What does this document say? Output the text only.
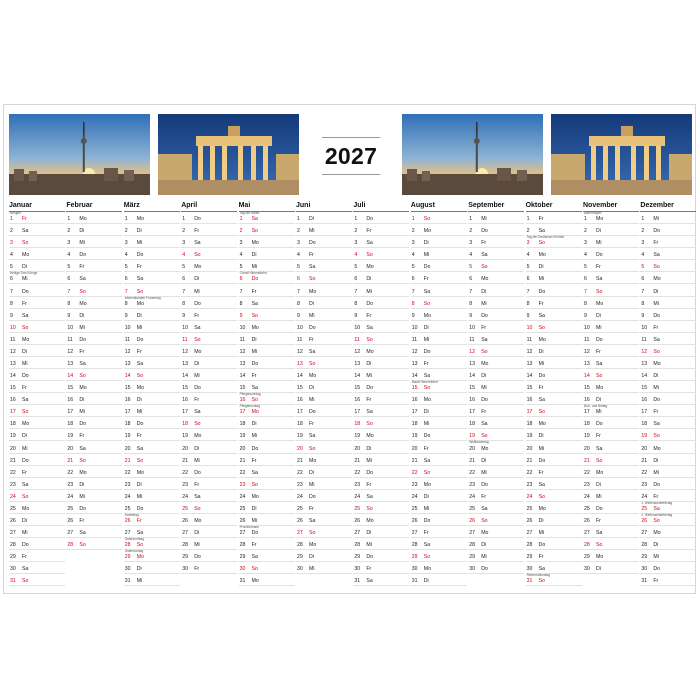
2027
Januar
Neujahr
1	Fr
2	Sa
3	So
4	Mo
5	Di
Heilige Drei Könige
6	Mi
7	Do
8	Fr
9	Sa
10	So
11	Mo
12	Di
13	Mi
14	Do
15	Fr
16	Sa
17	So
18	Mo
19	Di
20	Mi
21	Do
22	Fr
23	Sa
24	So
25	Mo
26	Di
27	Mi
28	Do
29	Fr
30	Sa
31	So
Februar
1	Mo
2	Di
3	Mi
4	Do
5	Fr
6	Sa
7	So
8	Mo
9	Di
10	Mi
11	Do
12	Fr
13	Sa
14	So
15	Mo
16	Di
17	Mi
18	Do
19	Fr
20	Sa
21	So
22	Mo
23	Di
24	Mi
25	Do
26	Fr
27	Sa
28	So
März
1	Mo
2	Di
3	Mi
4	Do
5	Fr
6	Sa
7	So
Internationaler Frauentag
8	Mo
9	Di
10	Mi
11	Do
12	Fr
13	Sa
14	So
15	Mo
16	Di
17	Mi
18	Do
19	Fr
20	Sa
21	So
22	Mo
23	Di
24	Mi
25	Do
Karfreitag
26	Fr
27	Sa
Ostersonntag
28	So
Ostermontag
29	Mo
30	Di
31	Mi
April
1	Do
2	Fr
3	Sa
4	So
5	Mo
6	Di
7	Mi
8	Do
9	Fr
10	Sa
11	So
12	Mo
13	Di
14	Mi
15	Do
16	Fr
17	Sa
18	So
19	Mo
20	Di
21	Mi
22	Do
23	Fr
24	Sa
25	So
26	Mo
27	Di
28	Mi
29	Do
30	Fr
Mai
Tag der Arbeit
1	Sa
2	So
3	Mo
4	Di
5	Mi
Christi Himmelfahrt
6	Do
7	Fr
8	Sa
9	So
10	Mo
11	Di
12	Mi
13	Do
14	Fr
15	Sa
Pfingstsonntag
16	So
Pfingstmontag
17	Mo
18	Di
19	Mi
20	Do
21	Fr
22	Sa
23	So
24	Mo
25	Di
26	Mi
Fronleichnam
27	Do
28	Fr
29	Sa
30	So
31	Mo
Juni
1	Di
2	Mi
3	Do
4	Fr
5	Sa
6	So
7	Mo
8	Di
9	Mi
10	Do
11	Fr
12	Sa
13	So
14	Mo
15	Di
16	Mi
17	Do
18	Fr
19	Sa
20	So
21	Mo
22	Di
23	Mi
24	Do
25	Fr
26	Sa
27	So
28	Mo
29	Di
30	Mi
Juli
1	Do
2	Fr
3	Sa
4	So
5	Mo
6	Di
7	Mi
8	Do
9	Fr
10	Sa
11	So
12	Mo
13	Di
14	Mi
15	Do
16	Fr
17	Sa
18	So
19	Mo
20	Di
21	Mi
22	Do
23	Fr
24	Sa
25	So
26	Mo
27	Di
28	Mi
29	Do
30	Fr
31	Sa
August
1	So
2	Mo
3	Di
4	Mi
5	Do
6	Fr
7	Sa
8	So
9	Mo
10	Di
11	Mi
12	Do
13	Fr
14	Sa
Mariä Himmelfahrt
15	So
16	Mo
17	Di
18	Mi
19	Do
20	Fr
21	Sa
22	So
23	Mo
24	Di
25	Mi
26	Do
27	Fr
28	Sa
29	So
30	Mo
31	Di
September
1	Mi
2	Do
3	Fr
4	Sa
5	So
6	Mo
7	Di
8	Mi
9	Do
10	Fr
11	Sa
12	So
13	Mo
14	Di
15	Mi
16	Do
17	Fr
18	Sa
19	So
Weltkindertag
20	Mo
21	Di
22	Mi
23	Do
24	Fr
25	Sa
26	So
27	Mo
28	Di
29	Mi
30	Do
Oktober
1	Fr
2	Sa
Tag der Deutschen Einheit
3	So
4	Mo
5	Di
6	Mi
7	Do
8	Fr
9	Sa
10	So
11	Mo
12	Di
13	Mi
14	Do
15	Fr
16	Sa
17	So
18	Mo
19	Di
20	Mi
21	Do
22	Fr
23	Sa
24	So
25	Mo
26	Di
27	Mi
28	Do
29	Fr
30	Sa
Reformationstag
31	So
November
Allerheiligen
1	Mo
2	Di
3	Mi
4	Do
5	Fr
6	Sa
7	So
8	Mo
9	Di
10	Mi
11	Do
12	Fr
13	Sa
14	So
15	Mo
16	Di
Buß- und Bettag
17	Mi
18	Do
19	Fr
20	Sa
21	So
22	Mo
23	Di
24	Mi
25	Do
26	Fr
27	Sa
28	So
29	Mo
30	Di
Dezember
1	Mi
2	Do
3	Fr
4	Sa
5	So
6	Mo
7	Di
8	Mi
9	Do
10	Fr
11	Sa
12	So
13	Mo
14	Di
15	Mi
16	Do
17	Fr
18	Sa
19	So
20	Mo
21	Di
22	Mi
23	Do
24	Fr
1. Weihnachtsfeiertag
25	Sa
2. Weihnachtsfeiertag
26	So
27	Mo
28	Di
29	Mi
30	Do
31	Fr
